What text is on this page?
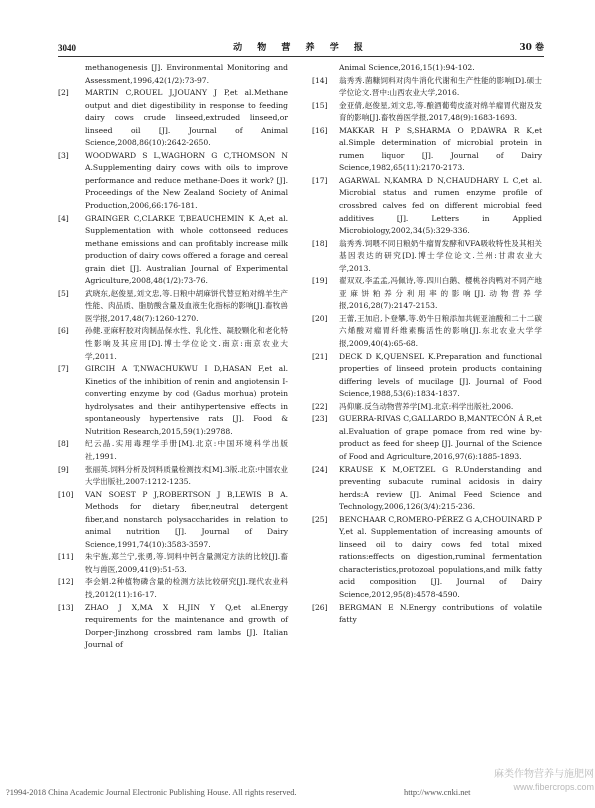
3040	动 物 营 养 学 报	30 卷
methanogenesis [J]. Environmental Monitoring and Assessment,1996,42(1/2):73-97.
[2] MARTIN C,ROUEL J,JOUANY J P,et al.Methane output and diet digestibility in response to feeding dairy cows crude linseed,extruded linseed,or linseed oil [J]. Journal of Animal Science,2008,86(10):2642-2650.
[3] WOODWARD S L,WAGHORN G C,THOMSON N A.Supplementing dairy cows with oils to improve performance and reduce methane-Does it work? [J]. Proceedings of the New Zealand Society of Animal Production,2006,66:176-181.
[4] GRAINGER C,CLARKE T,BEAUCHEMIN K A,et al. Supplementation with whole cottonseed reduces methane emissions and can profitably increase milk production of dairy cows offered a forage and cereal grain diet [J]. Australian Journal of Experimental Agriculture,2008,48(1/2):73-76.
[5] 武晓东,赵俊星,刘文忠,等.日粮中胡麻饼代替豆粕对绵羊生产性能、肉品质、脂肪酸含量及血液生化指标的影响[J].畜牧兽医学报,2017,48(7):1260-1270.
[6] 孙健.亚麻籽胶对肉制品保水性、乳化性、凝胶颗化和老化特性影响及其应用[D].博士学位论文.南京:南京农业大学,2011.
[7] GIRCIH A T,NWACHUKWU I D,HASAN F,et al. Kinetics of the inhibition of renin and angiotensin I-converting enzyme by cod (Gadus morhua) protein hydrolysates and their antihypertensive effects in spontaneously hypertensive rats [J]. Food & Nutrition Research,2015,59(1):29788.
[8] 纪云晶.实用毒理学手册[M].北京:中国环境科学出版社,1991.
[9] 张丽英.饲料分析及饲料质量检测技术[M].3版.北京:中国农业大学出版社,2007:1212-1235.
[10] VAN SOEST P J,ROBERTSON J B,LEWIS B A. Methods for dietary fiber,neutral detergent fiber,and nonstarch polysaccharides in relation to animal nutrition [J]. Journal of Dairy Science,1991,74(10):3583-3597.
[11] 朱宇旌,郑兰宁,张勇,等.饲料中钙含量测定方法的比较[J].畜牧与兽医,2009,41(9):51-53.
[12] 李会娟.2种植物磷含量的检测方法比较研究[J].现代农业科技,2012(11):16-17.
[13] ZHAO J X,MA X H,JIN Y Q,et al.Energy requirements for the maintenance and growth of Dorper-Jinzhong crossbred ram lambs [J]. Italian Journal of
Animal Science,2016,15(1):94-102.
[14] 翁秀秀.菌糠饲料对肉牛消化代谢和生产性能的影响[D].硕士学位论文.晋中:山西农业大学,2016.
[15] 金亚倩,赵俊星,刘文忠,等.酿酒葡萄皮渣对绵羊瘤胃代谢及发育的影响[J].畜牧兽医学报,2017,48(9):1683-1693.
[16] MAKKAR H P S,SHARMA O P,DAWRA R K,et al.Simple determination of microbial protein in rumen liquor [J]. Journal of Dairy Science,1982,65(11):2170-2173.
[17] AGARWAL N,KAMRA D N,CHAUDHARY L C,et al. Microbial status and rumen enzyme profile of crossbred calves fed on different microbial feed additives [J]. Letters in Applied Microbiology,2002,34(5):329-336.
[18] 翁秀秀.饲喂不同日粮奶牛瘤胃发酵和VFA吸收特性及其相关基因表达的研究[D].博士学位论文.兰州:甘肃农业大学,2013.
[19] 翟双双,李孟孟,冯佩诗,等.四川白鹅、樱桃谷肉鸭对不同产地亚麻饼粕养分利用率的影响[J].动物营养学报,2016,28(7):2147-2153.
[20] 王蕾,王加启,卜登攀,等.奶牛日粮添加共轭亚油酸和二十二碳六烯酸对瘤胃纤维素酶活性的影响[J].东北农业大学学报,2009,40(4):65-68.
[21] DECK D K,QUENSEL K.Preparation and functional properties of linseed protein products containing differing levels of mucilage [J]. Journal of Food Science,1988,53(6):1834-1837.
[22] 冯仰廉.反刍动物营养学[M].北京:科学出版社,2006.
[23] GUERRA-RIVAS C,GALLARDO B,MANTECÓN Á R,et al.Evaluation of grape pomace from red wine by-product as feed for sheep [J]. Journal of the Science of Food and Agriculture,2016,97(6):1885-1893.
[24] KRAUSE K M,OETZEL G R.Understanding and preventing subacute ruminal acidosis in dairy herds:A review [J]. Animal Feed Science and Technology,2006,126(3/4):215-236.
[25] BENCHAAR C,ROMERO-PÉREZ G A,CHOUINARD P Y,et al. Supplementation of increasing amounts of linseed oil to dairy cows fed total mixed rations:effects on digestion,ruminal fermentation characteristics,protozoal populations,and milk fatty acid composition [J]. Journal of Dairy Science,2012,95(8):4578-4590.
[26] BERGMAN E N.Energy contributions of volatile fatty
麻类作物营养与施肥网
www.fibercrops.com
?1994-2018 China Academic Journal Electronic Publishing House. All rights reserved.	http://www.cnki.net
